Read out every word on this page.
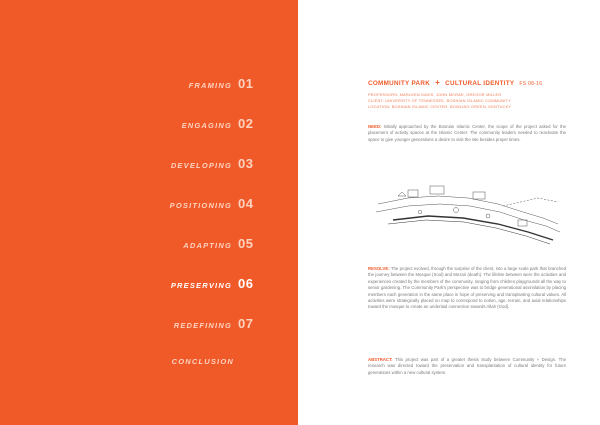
FRAMING 01
ENGAGING 02
DEVELOPING 03
POSITIONING 04
ADAPTING 05
PRESERVING 06
REDEFINING 07
CONCLUSION
COMMUNITY PARK + CULTURAL IDENTITY FS 08-16
PROFESSORS: MARLEEN DAVIS, JOHN MCRAE, GREGOR MILLER
CLIENT: UNIVERSITY OF TENNESSEE, BOSNIAN ISLAMIC COMMUNITY
LOCATION: BOSNIAN ISLAMIC CENTER, BOWLING GREEN, KENTUCKY
NEED: Initially approached by the Bosnian Islamic Center, the scope of the project asked for the placement of activity spaces at the Islamic Center. The community leaders needed to reactivate the space to give younger generations a desire to visit the site besides prayer times.
RESOLVE: The project evolved, through the surprise of the client, into a large scale park that branched the journey between the Mosque (Soul) and Mezari (death). The lifeline between were the activities and experiences created by the members of the community, ranging from children playgrounds all the way to senior gardening. The Community Park's perspective was to bridge generational assimilation by placing members each generation in the same place in hope of preserving and transplanting cultural values. All activities were strategically placed on map to correspond to notion, age, terrain, and axial relationships toward the mosque to create an underlaid connection towards Allah (God).
ABSTRACT: This project was part of a greater thesis study between Community + Design. The research was directed toward the preservation and transplantation of cultural identity for future generations within a new cultural system.
